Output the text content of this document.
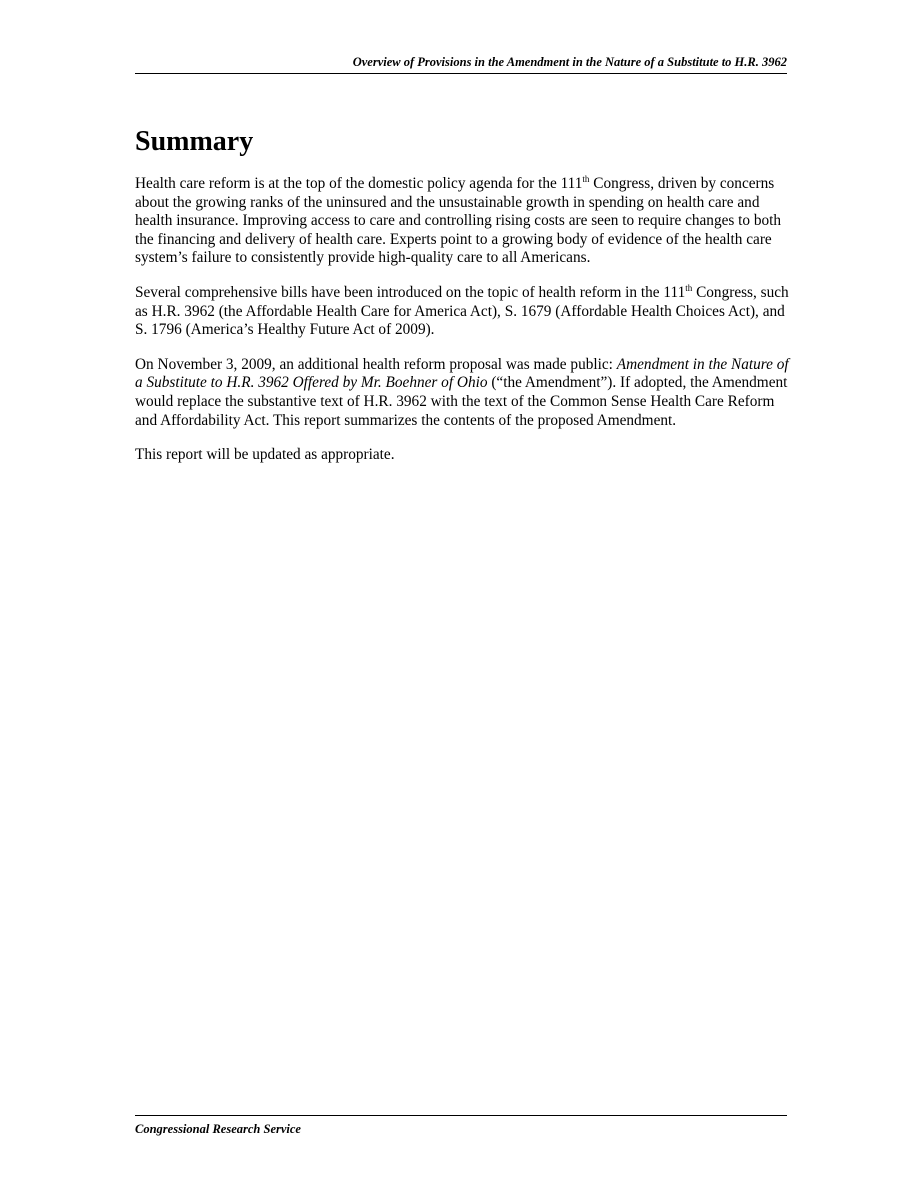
Overview of Provisions in the Amendment in the Nature of a Substitute to H.R. 3962
Summary

Health care reform is at the top of the domestic policy agenda for the 111th Congress, driven by concerns about the growing ranks of the uninsured and the unsustainable growth in spending on health care and health insurance. Improving access to care and controlling rising costs are seen to require changes to both the financing and delivery of health care. Experts point to a growing body of evidence of the health care system’s failure to consistently provide high-quality care to all Americans.

Several comprehensive bills have been introduced on the topic of health reform in the 111th Congress, such as H.R. 3962 (the Affordable Health Care for America Act), S. 1679 (Affordable Health Choices Act), and S. 1796 (America’s Healthy Future Act of 2009).

On November 3, 2009, an additional health reform proposal was made public: Amendment in the Nature of a Substitute to H.R. 3962 Offered by Mr. Boehner of Ohio (“the Amendment”). If adopted, the Amendment would replace the substantive text of H.R. 3962 with the text of the Common Sense Health Care Reform and Affordability Act. This report summarizes the contents of the proposed Amendment.

This report will be updated as appropriate.

Congressional Research Service
